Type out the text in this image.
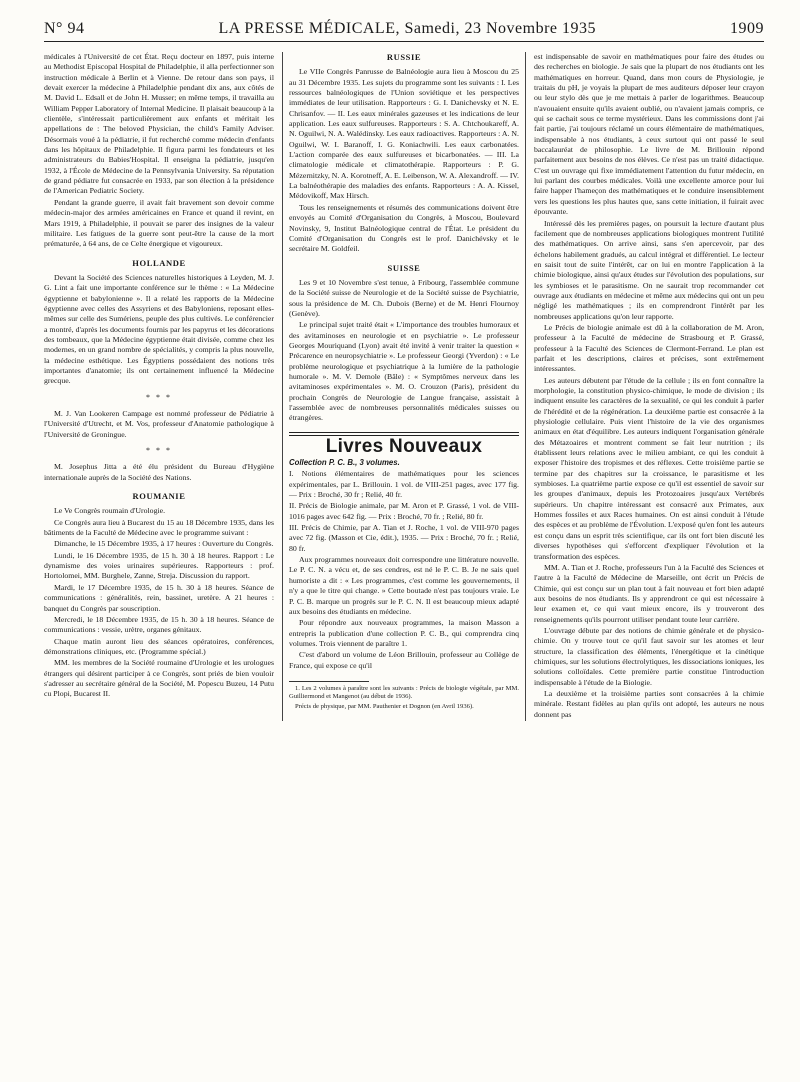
N° 94	LA PRESSE MÉDICALE, Samedi, 23 Novembre 1935	1909

médicales à l'Université de cet État. Reçu docteur en 1897, puis interne au Methodist Episcopal Hospital de Philadelphie, il alla perfectionner son instruction médicale à Berlin et à Vienne. De retour dans son pays, il devait exercer la médecine à Philadelphie pendant dix ans, aux côtés de M. David L. Edsall et de John H. Musser; en même temps, il travailla au William Pepper Laboratory of Internal Medicine. Il plaisait beaucoup à la clientèle, s'intéressait particulièrement aux enfants et méritait les appellations de : The beloved Physician, the child's Family Adviser. Désormais voué à la pédiatrie, il fut recherché comme médecin d'enfants dans les hôpitaux de Philadelphie. Il figura parmi les fondateurs et les administrateurs du Babies'Hospital. Il enseigna la pédiatrie, jusqu'en 1932, à l'École de Médecine de la Pennsylvania University. Sa réputation de grand pédiatre fut consacrée en 1933, par son élection à la présidence de l'American Pediatric Society.

Pendant la grande guerre, il avait fait bravement son devoir comme médecin-major des armées américaines en France et quand il revint, en Mars 1919, à Philadelphie, il pouvait se parer des insignes de la valeur militaire. Les fatigues de la guerre sont peut-être la cause de la mort prématurée, à 64 ans, de ce Celte énergique et vigoureux.

HOLLANDE

Devant la Société des Sciences naturelles historiques à Leyden, M. J. G. Lint a fait une importante conférence sur le thème : « La Médecine égyptienne et babylonienne ». Il a relaté les rapports de la Médecine égyptienne avec celles des Assyriens et des Babyloniens, reposant elles-mêmes sur celle des Sumériens, peuple des plus cultivés. Le conférencier a montré, d'après les documents fournis par les papyrus et les décorations des tombeaux, que la Médecine égyptienne était divisée, comme chez les modernes, en un grand nombre de spécialités, y compris la plus nouvelle, la médecine esthétique. Les Égyptiens possédaient des notions très importantes d'anatomie; ils ont certainement influencé la Médecine grecque.

* * *

M. J. Van Lookeren Campage est nommé professeur de Pédiatrie à l'Université d'Utrecht, et M. Vos, professeur d'Anatomie pathologique à l'Université de Groningue.

* * *

M. Josephus Jitta a été élu président du Bureau d'Hygiène internationale auprès de la Société des Nations.

ROUMANIE

Le Ve Congrès roumain d'Urologie.

Ce Congrès aura lieu à Bucarest du 15 au 18 Décembre 1935, dans les bâtiments de la Faculté de Médecine avec le programme suivant :

Dimanche, le 15 Décembre 1935, à 17 heures : Ouverture du Congrès.

Lundi, le 16 Décembre 1935, de 15 h. 30 à 18 heures. Rapport : Le dynamisme des voies urinaires supérieures. Rapporteurs : prof. Hortolomei, MM. Burghele, Zanne, Streja. Discussion du rapport.

Mardi, le 17 Décembre 1935, de 15 h. 30 à 18 heures. Séance de communications : généralités, rein, bassinet, uretère. A 21 heures : banquet du Congrès par souscription.

Mercredi, le 18 Décembre 1935, de 15 h. 30 à 18 heures. Séance de communications : vessie, urètre, organes génitaux.

Chaque matin auront lieu des séances opératoires, conférences, démonstrations cliniques, etc. (Programme spécial.)

MM. les membres de la Société roumaine d'Urologie et les urologues étrangers qui désirent participer à ce Congrès, sont priés de bien vouloir s'adresser au secrétaire général de la Société, M. Popescu Buzeu, 14 Putu cu Plopi, Bucarest II.

RUSSIE

Le VIIe Congrès Panrusse de Balnéologie aura lieu à Moscou du 25 au 31 Décembre 1935. Les sujets du programme sont les suivants : I. Les ressources balnéologiques de l'Union soviétique et les perspectives immédiates de leur utilisation. Rapporteurs : G. I. Danichevsky et N. E. Chrisanfov. — II. Les eaux minérales gazeuses et les indications de leur application. Les eaux sulfureuses. Rapporteurs : S. A. Chtchoukareff, A. N. Oguilwi, N. A. Walédinsky. Les eaux radioactives. Rapporteurs : A. N. Oguilwi, W. I. Baranoff, I. G. Koniachwili. Les eaux carbonatées. L'action comparée des eaux sulfureuses et bicarbonatées. — III. La climatologie médicale et climatothérapie. Rapporteurs : P. G. Mézernitzky, N. A. Korotneff, A. E. Leibenson, W. A. Alexandroff. — IV. La balnéothérapie des maladies des enfants. Rapporteurs : A. A. Kissel, Médovikoff, Max Hirsch.

Tous les renseignements et résumés des communications doivent être envoyés au Comité d'Organisation du Congrès, à Moscou, Boulevard Novinsky, 9, Institut Balnéologique central de l'État. Le président du Comité d'Organisation du Congrès est le prof. Danichévsky et le secrétaire M. Goldfeil.

SUISSE

Les 9 et 10 Novembre s'est tenue, à Fribourg, l'assemblée commune de la Société suisse de Neurologie et de la Société suisse de Psychiatrie, sous la présidence de M. Ch. Dubois (Berne) et de M. Henri Flournoy (Genève).

Le principal sujet traité était « L'importance des troubles humoraux et des avitaminoses en neurologie et en psychiatrie ». Le professeur Georges Mouriquand (Lyon) avait été invité à venir traiter la question « Précarence en neuropsychiatrie ». Le professeur Georgi (Yverdon) : « Le problème neurologique et psychiatrique à la lumière de la pathologie humorale ». M. V. Demole (Bâle) : « Symptômes nerveux dans les avitaminoses expérimentales ». M. O. Crouzon (Paris), président du prochain Congrès de Neurologie de Langue française, assistait à l'assemblée avec de nombreuses personnalités médicales suisses ou étrangères.

Livres Nouveaux

Collection P. C. B., 3 volumes.

I. Notions élémentaires de mathématiques pour les sciences expérimentales, par L. Brillouin. 1 vol. de VIII-251 pages, avec 177 fig. — Prix : Broché, 30 fr ; Relié, 40 fr.

II. Précis de Biologie animale, par M. Aron et P. Grassé, 1 vol. de VIII-1016 pages avec 642 fig. — Prix : Broché, 70 fr. ; Relié, 80 fr.

III. Précis de Chimie, par A. Tian et J. Roche, 1 vol. de VIII-970 pages avec 72 fig. (Masson et Cie, édit.), 1935. — Prix : Broché, 70 fr. ; Relié, 80 fr.

Aux programmes nouveaux doit correspondre une littérature nouvelle. Le P. C. N. a vécu et, de ses cendres, est né le P. C. B. Je ne sais quel humoriste a dit : « Les programmes, c'est comme les gouvernements, il n'y a que le titre qui change. » Cette boutade n'est pas toujours vraie. Le P. C. B. marque un progrès sur le P. C. N. Il est beaucoup mieux adapté aux besoins des étudiants en médecine.

Pour répondre aux nouveaux programmes, la maison Masson a entrepris la publication d'une collection P. C. B., qui comprendra cinq volumes. Trois viennent de paraître 1.

C'est d'abord un volume de Léon Brillouin, professeur au Collège de France, qui expose ce qu'il

1. Les 2 volumes à paraître sont les suivants : Précis de biologie végétale, par MM. Guilliermond et Mangenot (au début de 1936).

Précis de physique, par MM. Pauthenier et Dognon (en Avril 1936).

est indispensable de savoir en mathématiques pour faire des études ou des recherches en biologie. Je sais que la plupart de nos étudiants ont les mathématiques en horreur. Quand, dans mon cours de Physiologie, je traitais du pH, je voyais la plupart de mes auditeurs déposer leur crayon ou leur stylo dès que je me mettais à parler de logarithmes. Beaucoup n'avouaient ensuite qu'ils avaient oublié, ou n'avaient jamais compris, ce qui se cachait sous ce terme mystérieux. Dans les commissions dont j'ai fait partie, j'ai toujours réclamé un cours élémentaire de mathématiques, indispensable à nos étudiants, à ceux surtout qui ont passé le seul baccalauréat de philosophie. Le livre de M. Brillouin répond parfaitement aux besoins de nos élèves. Ce n'est pas un traité didactique. C'est un ouvrage qui fixe immédiatement l'attention du futur médecin, en lui parlant des courbes médicales. Voilà une excellente amorce pour lui faire happer l'hameçon des mathématiques et le conduire insensiblement vers les questions les plus hautes que, sans cette initiation, il fuirait avec épouvante.

Intéressé dès les premières pages, on poursuit la lecture d'autant plus facilement que de nombreuses applications biologiques montrent l'utilité des mathématiques. On arrive ainsi, sans s'en apercevoir, par des échelons habilement gradués, au calcul intégral et différentiel. Le lecteur en saisit tout de suite l'intérêt, car on lui en montre l'application à la chimie biologique, ainsi qu'aux études sur l'évolution des populations, sur les symbioses et le parasitisme. On ne saurait trop recommander cet ouvrage aux étudiants en médecine et même aux médecins qui ont un peu négligé les mathématiques ; ils en comprendront l'intérêt par les nombreuses applications qu'on leur rapporte.

Le Précis de biologie animale est dû à la collaboration de M. Aron, professeur à la Faculté de médecine de Strasbourg et P. Grassé, professeur à la Faculté des Sciences de Clermont-Ferrand. Le plan est parfait et les descriptions, claires et précises, sont extrêmement intéressantes.

Les auteurs débutent par l'étude de la cellule ; ils en font connaître la morphologie, la constitution physico-chimique, le mode de division ; ils indiquent ensuite les caractères de la sexualité, ce qui les conduit à parler de l'hérédité et de la régénération. La deuxième partie est consacrée à la physiologie cellulaire. Puis vient l'histoire de la vie des organismes animaux en état d'équilibre. Les auteurs indiquent l'organisation générale des Métazoaires et montrent comment se fait leur nutrition ; ils établissent leurs relations avec le milieu ambiant, ce qui les conduit à exposer l'histoire des tropismes et des réflexes. Cette troisième partie se termine par des chapitres sur la croissance, le parasitisme et les symbioses. La quatrième partie expose ce qu'il est essentiel de savoir sur les groupes d'animaux, depuis les Protozoaires jusqu'aux Vertébrés supérieurs. Un chapitre intéressant est consacré aux Primates, aux Hommes fossiles et aux Races humaines. On est ainsi conduit à l'étude des espèces et au problème de l'Évolution. L'exposé qu'en font les auteurs est conçu dans un esprit très scientifique, car ils ont fort bien discuté les diverses hypothèses qui s'efforcent d'expliquer l'évolution et la transformation des espèces.

MM. A. Tian et J. Roche, professeurs l'un à la Faculté des Sciences et l'autre à la Faculté de Médecine de Marseille, ont écrit un Précis de Chimie, qui est conçu sur un plan tout à fait nouveau et fort bien adapté aux besoins de nos étudiants. Ils y apprendront ce qui est nécessaire à leur examen et, ce qui vaut mieux encore, ils y trouveront des renseignements qu'ils pourront utiliser pendant toute leur carrière.

L'ouvrage débute par des notions de chimie générale et de physico-chimie. On y trouve tout ce qu'il faut savoir sur les atomes et leur structure, la classification des éléments, l'énergétique et la cinétique chimiques, sur les solutions électrolytiques, les dissociations ioniques, les solutions colloïdales. Cette première partie constitue l'introduction indispensable à l'étude de la Biologie.

La deuxième et la troisième parties sont consacrées à la chimie minérale. Restant fidèles au plan qu'ils ont adopté, les auteurs ne nous donnent pas
